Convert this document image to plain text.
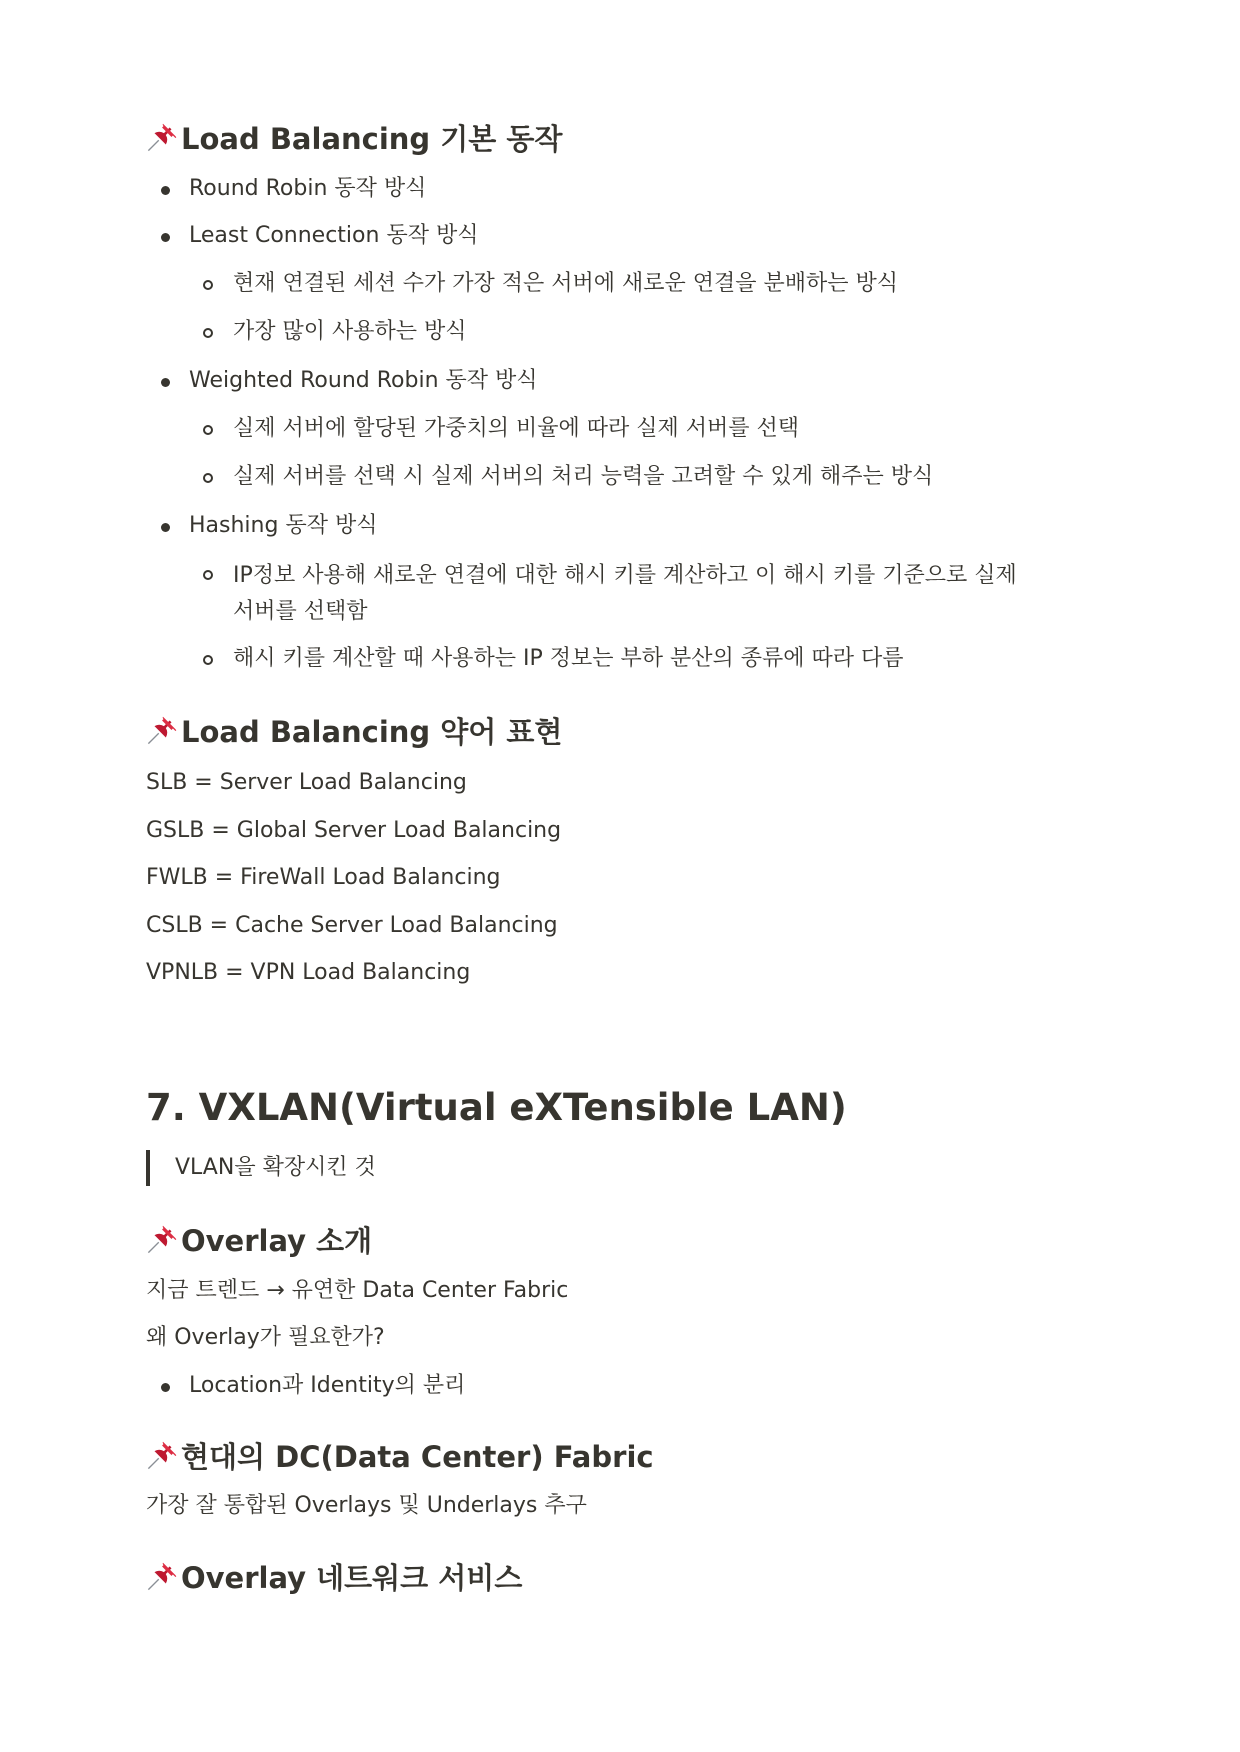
Load Balancing 기본 동작
Round Robin 동작 방식
Least Connection 동작 방식
현재 연결된 세션 수가 가장 적은 서버에 새로운 연결을 분배하는 방식
가장 많이 사용하는 방식
Weighted Round Robin 동작 방식
실제 서버에 할당된 가중치의 비율에 따라 실제 서버를 선택
실제 서버를 선택 시 실제 서버의 처리 능력을 고려할 수 있게 해주는 방식
Hashing 동작 방식
IP정보 사용해 새로운 연결에 대한 해시 키를 계산하고 이 해시 키를 기준으로 실제 서버를 선택함
해시 키를 계산할 때 사용하는 IP 정보는 부하 분산의 종류에 따라 다름
Load Balancing 약어 표현

SLB = Server Load Balancing

GSLB = Global Server Load Balancing

FWLB = FireWall Load Balancing

CSLB = Cache Server Load Balancing

VPNLB = VPN Load Balancing

7. VXLAN(Virtual eXTensible LAN)
VLAN을 확장시킨 것
Overlay 소개

지금 트렌드 → 유연한 Data Center Fabric

왜 Overlay가 필요한가?

Location과 Identity의 분리
현대의 DC(Data Center) Fabric

가장 잘 통합된 Overlays 및 Underlays 추구

Overlay 네트워크 서비스
